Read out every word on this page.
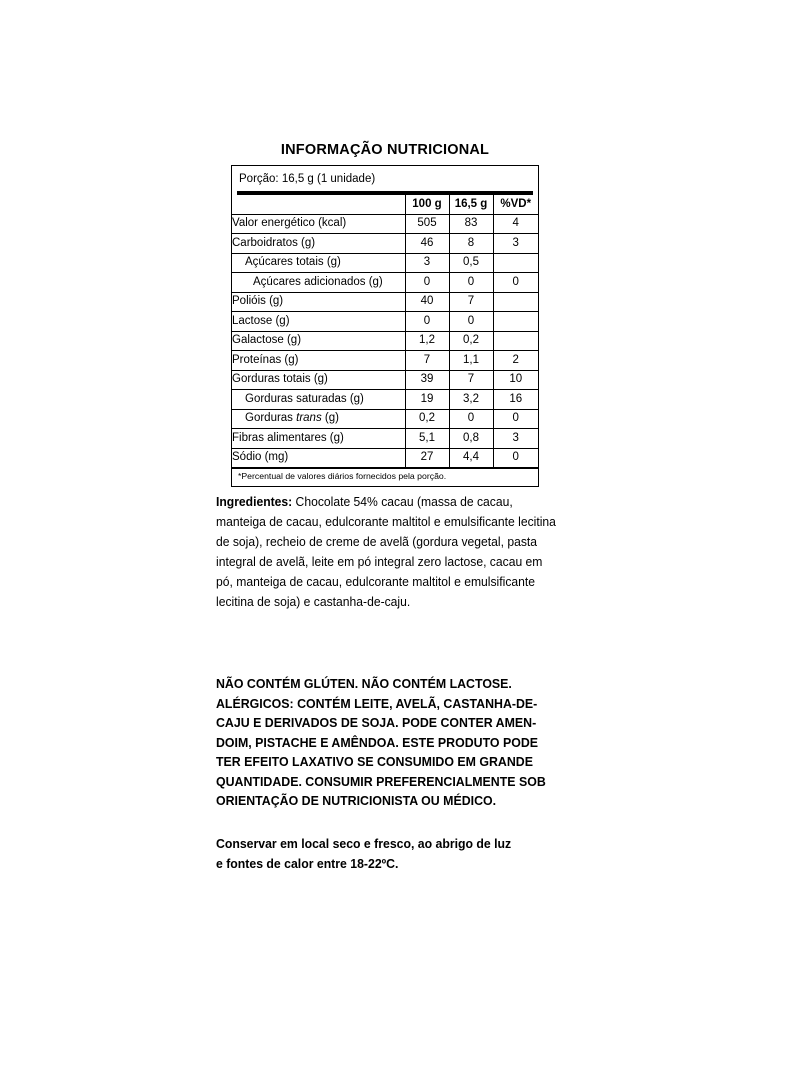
INFORMAÇÃO NUTRICIONAL
Porção: 16,5 g (1 unidade)
	100 g	16,5 g	%VD*
Valor energético (kcal)	505	83	4
Carboidratos (g)	46	8	3
Açúcares totais (g)	3	0,5	
Açúcares adicionados (g)	0	0	0
Polióis (g)	40	7	
Lactose (g)	0	0	
Galactose (g)	1,2	0,2	
Proteínas (g)	7	1,1	2
Gorduras totais (g)	39	7	10
Gorduras saturadas (g)	19	3,2	16
Gorduras trans (g)	0,2	0	0
Fibras alimentares (g)	5,1	0,8	3
Sódio (mg)	27	4,4	0
*Percentual de valores diários fornecidos pela porção.
Ingredientes: Chocolate 54% cacau (massa de cacau, manteiga de cacau, edulcorante maltitol e emulsificante lecitina de soja), recheio de creme de avelã (gordura vegetal, pasta integral de avelã, leite em pó integral zero lactose, cacau em pó, manteiga de cacau, edulcorante maltitol e emulsificante lecitina de soja) e castanha-de-caju.
NÃO CONTÉM GLÚTEN. NÃO CONTÉM LACTOSE.
ALÉRGICOS: CONTÉM LEITE, AVELÃ, CASTANHA-DE-
CAJU E DERIVADOS DE SOJA. PODE CONTER AMEN-
DOIM, PISTACHE E AMÊNDOA. ESTE PRODUTO PODE
TER EFEITO LAXATIVO SE CONSUMIDO EM GRANDE
QUANTIDADE. CONSUMIR PREFERENCIALMENTE SOB
ORIENTAÇÃO DE NUTRICIONISTA OU MÉDICO.
Conservar em local seco e fresco, ao abrigo de luz
e fontes de calor entre 18-22ºC.
